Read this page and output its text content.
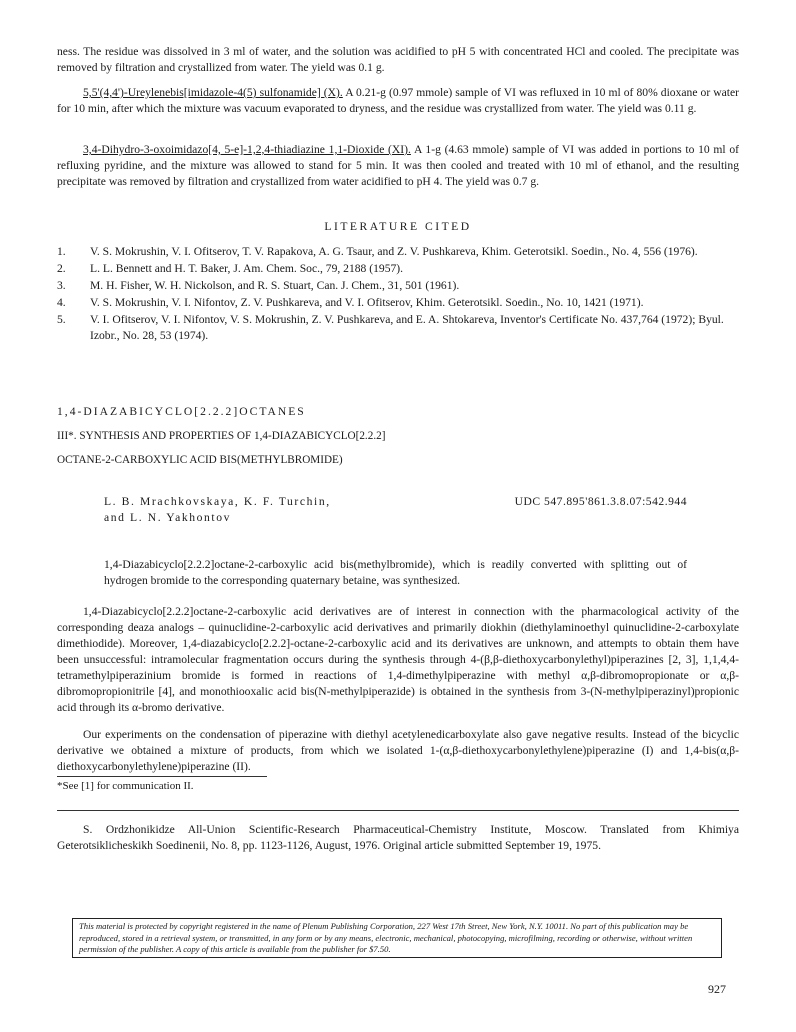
ness. The residue was dissolved in 3 ml of water, and the solution was acidified to pH 5 with concentrated HCl and cooled. The precipitate was removed by filtration and crystallized from water. The yield was 0.1 g.
5,5'(4,4')-Ureylenebis[imidazole-4(5) sulfonamide] (X). A 0.21-g (0.97 mmole) sample of VI was refluxed in 10 ml of 80% dioxane or water for 10 min, after which the mixture was vacuum evaporated to dryness, and the residue was crystallized from water. The yield was 0.11 g.
3,4-Dihydro-3-oxoimidazo[4, 5-e]-1,2,4-thiadiazine 1,1-Dioxide (XI). A 1-g (4.63 mmole) sample of VI was added in portions to 10 ml of refluxing pyridine, and the mixture was allowed to stand for 5 min. It was then cooled and treated with 10 ml of ethanol, and the resulting precipitate was removed by filtration and crystallized from water acidified to pH 4. The yield was 0.7 g.
LITERATURE CITED
1.	V. S. Mokrushin, V. I. Ofitserov, T. V. Rapakova, A. G. Tsaur, and Z. V. Pushkareva, Khim. Geterotsikl. Soedin., No. 4, 556 (1976).
2.	L. L. Bennett and H. T. Baker, J. Am. Chem. Soc., 79, 2188 (1957).
3.	M. H. Fisher, W. H. Nickolson, and R. S. Stuart, Can. J. Chem., 31, 501 (1961).
4.	V. S. Mokrushin, V. I. Nifontov, Z. V. Pushkareva, and V. I. Ofitserov, Khim. Geterotsikl. Soedin., No. 10, 1421 (1971).
5.	V. I. Ofitserov, V. I. Nifontov, V. S. Mokrushin, Z. V. Pushkareva, and E. A. Shtokareva, Inventor's Certificate No. 437,764 (1972); Byul. Izobr., No. 28, 53 (1974).
1,4-DIAZABICYCLO[2.2.2]OCTANES
III*. SYNTHESIS AND PROPERTIES OF 1,4-DIAZABICYCLO[2.2.2]
OCTANE-2-CARBOXYLIC ACID BIS(METHYLBROMIDE)
L. B. Mrachkovskaya, K. F. Turchin,
and L. N. Yakhontov
UDC 547.895'861.3.8.07:542.944
1,4-Diazabicyclo[2.2.2]octane-2-carboxylic acid bis(methylbromide), which is readily converted with splitting out of hydrogen bromide to the corresponding quaternary betaine, was synthesized.
1,4-Diazabicyclo[2.2.2]octane-2-carboxylic acid derivatives are of interest in connection with the pharmacological activity of the corresponding deaza analogs – quinuclidine-2-carboxylic acid derivatives and primarily diokhin (diethylaminoethyl quinuclidine-2-carboxylate dimethiodide). Moreover, 1,4-diazabicyclo[2.2.2]-octane-2-carboxylic acid and its derivatives are unknown, and attempts to obtain them have been unsuccessful: intramolecular fragmentation occurs during the synthesis through 4-(β,β-diethoxycarbonylethyl)piperazines [2, 3], 1,1,4,4-tetramethylpiperazinium bromide is formed in reactions of 1,4-dimethylpiperazine with methyl α,β-dibromopropionate or α,β-dibromopropionitrile [4], and monothiooxalic acid bis(N-methylpiperazide) is obtained in the synthesis from 3-(N-methylpiperazinyl)propionic acid through its α-bromo derivative.
Our experiments on the condensation of piperazine with diethyl acetylenedicarboxylate also gave negative results. Instead of the bicyclic derivative we obtained a mixture of products, from which we isolated 1-(α,β-diethoxycarbonylethylene)piperazine (I) and 1,4-bis(α,β-diethoxycarbonylethylene)piperazine (II).
*See [1] for communication II.
S. Ordzhonikidze All-Union Scientific-Research Pharmaceutical-Chemistry Institute, Moscow. Translated from Khimiya Geterotsiklicheskikh Soedinenii, No. 8, pp. 1123-1126, August, 1976. Original article submitted September 19, 1975.
This material is protected by copyright registered in the name of Plenum Publishing Corporation, 227 West 17th Street, New York, N.Y. 10011. No part of this publication may be reproduced, stored in a retrieval system, or transmitted, in any form or by any means, electronic, mechanical, photocopying, microfilming, recording or otherwise, without written permission of the publisher. A copy of this article is available from the publisher for $7.50.
927
